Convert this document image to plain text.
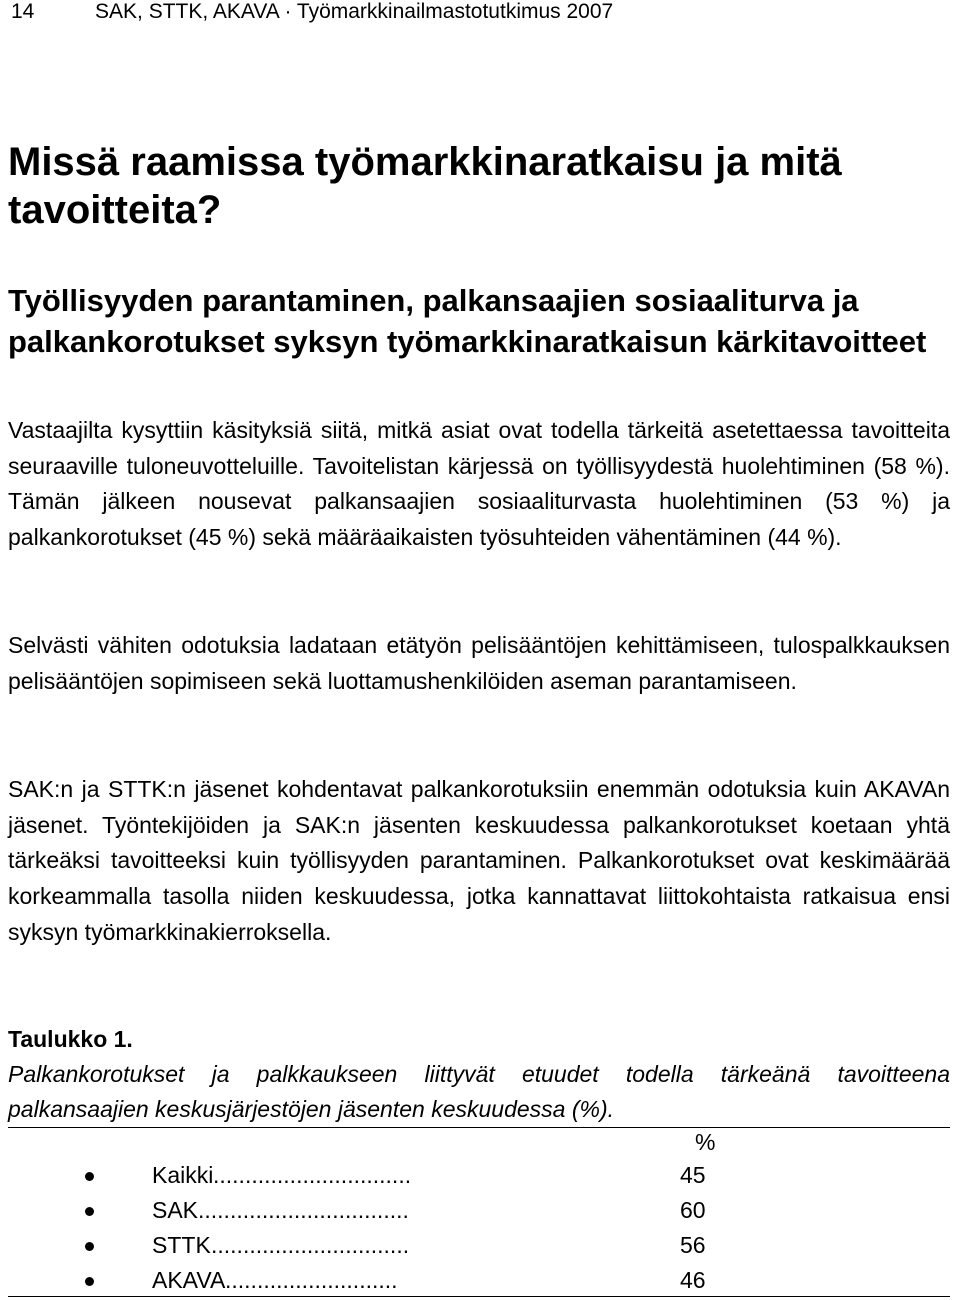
14	SAK, STTK, AKAVA · Työmarkkinailmastotutkimus 2007
Missä raamissa työmarkkinaratkaisu ja mitä tavoitteita?
Työllisyyden parantaminen, palkansaajien sosiaaliturva ja palkankorotukset syksyn työmarkkinaratkaisun kärkitavoitteet

Vastaajilta kysyttiin käsityksiä siitä, mitkä asiat ovat todella tärkeitä asetettaessa tavoitteita seuraaville tuloneuvotteluille. Tavoitelistan kärjessä on työllisyydestä huolehtiminen (58 %). Tämän jälkeen nousevat palkansaajien sosiaaliturvasta huolehtiminen (53 %) ja palkankorotukset (45 %) sekä määräaikaisten työsuhteiden vähentäminen (44 %).

Selvästi vähiten odotuksia ladataan etätyön pelisääntöjen kehittämiseen, tulospalkkauksen pelisääntöjen sopimiseen sekä luottamushenkilöiden aseman parantamiseen.

SAK:n ja STTK:n jäsenet kohdentavat palkankorotuksiin enemmän odotuksia kuin AKAVAn jäsenet. Työntekijöiden ja SAK:n jäsenten keskuudessa palkankorotukset koetaan yhtä tärkeäksi tavoitteeksi kuin työllisyyden parantaminen. Palkankorotukset ovat keskimäärää korkeammalla tasolla niiden keskuudessa, jotka kannattavat liittokohtaista ratkaisua ensi syksyn työmarkkinakierroksella.

Taulukko 1.
Palkankorotukset ja palkkaukseen liittyvät etuudet todella tärkeänä tavoitteena palkansaajien keskusjärjestöjen jäsenten keskuudessa (%).
%
Kaikki	45
...............................
SAK	60
.................................
STTK	56
...............................
AKAVA	46
...........................
